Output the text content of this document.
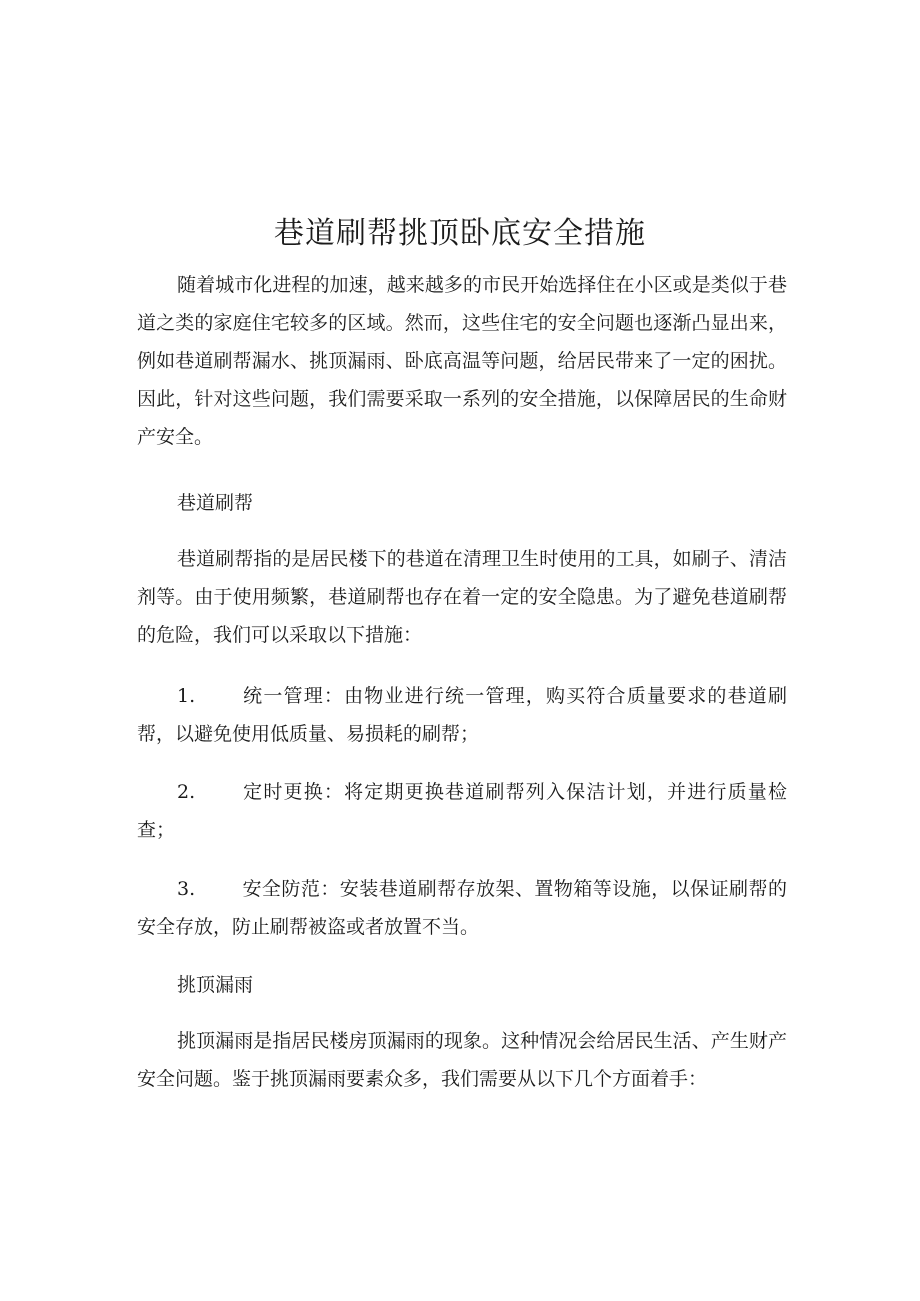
巷道刷帮挑顶卧底安全措施

随着城市化进程的加速，越来越多的市民开始选择住在小区或是类似于巷道之类的家庭住宅较多的区域。然而，这些住宅的安全问题也逐渐凸显出来，例如巷道刷帮漏水、挑顶漏雨、卧底高温等问题，给居民带来了一定的困扰。因此，针对这些问题，我们需要采取一系列的安全措施，以保障居民的生命财产安全。

巷道刷帮

巷道刷帮指的是居民楼下的巷道在清理卫生时使用的工具，如刷子、清洁剂等。由于使用频繁，巷道刷帮也存在着一定的安全隐患。为了避免巷道刷帮的危险，我们可以采取以下措施：

1. 统一管理：由物业进行统一管理，购买符合质量要求的巷道刷帮，以避免使用低质量、易损耗的刷帮；

2. 定时更换：将定期更换巷道刷帮列入保洁计划，并进行质量检查；

3. 安全防范：安装巷道刷帮存放架、置物箱等设施，以保证刷帮的安全存放，防止刷帮被盗或者放置不当。

挑顶漏雨

挑顶漏雨是指居民楼房顶漏雨的现象。这种情况会给居民生活、产生财产安全问题。鉴于挑顶漏雨要素众多，我们需要从以下几个方面着手：
